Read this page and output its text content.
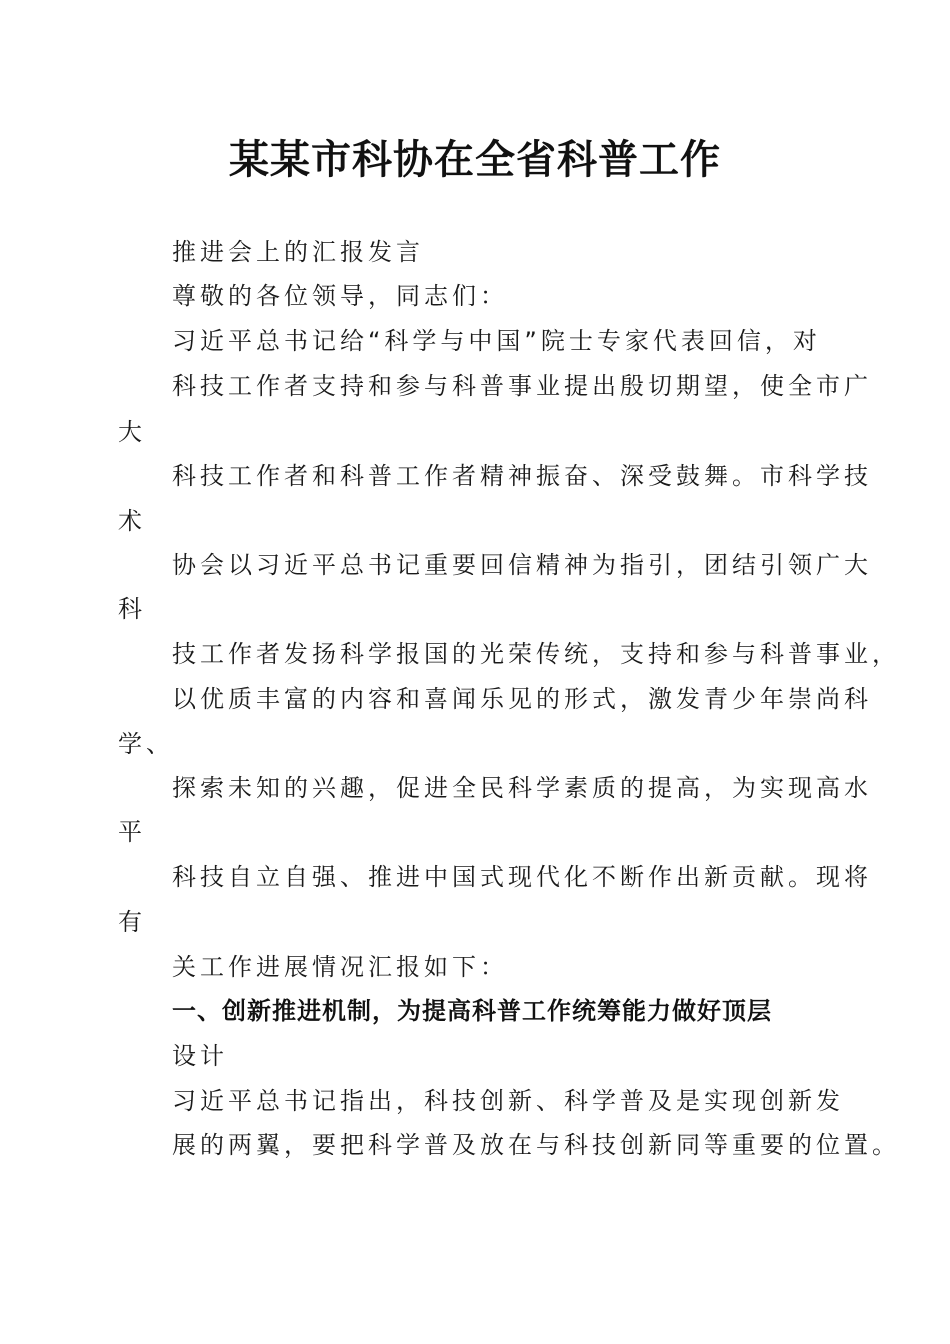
某某市科协在全省科普工作
推进会上的汇报发言
尊敬的各位领导，同志们：
习近平总书记给“科学与中国”院士专家代表回信，对
科技工作者支持和参与科普事业提出殷切期望，使全市广
大
科技工作者和科普工作者精神振奋、深受鼓舞。市科学技
术
协会以习近平总书记重要回信精神为指引，团结引领广大
科
技工作者发扬科学报国的光荣传统，支持和参与科普事业，
以优质丰富的内容和喜闻乐见的形式，激发青少年崇尚科
学、
探索未知的兴趣，促进全民科学素质的提高，为实现高水
平
科技自立自强、推进中国式现代化不断作出新贡献。现将
有
关工作进展情况汇报如下：
一、创新推进机制，为提高科普工作统筹能力做好顶层
设计
习近平总书记指出，科技创新、科学普及是实现创新发
展的两翼，要把科学普及放在与科技创新同等重要的位置。
